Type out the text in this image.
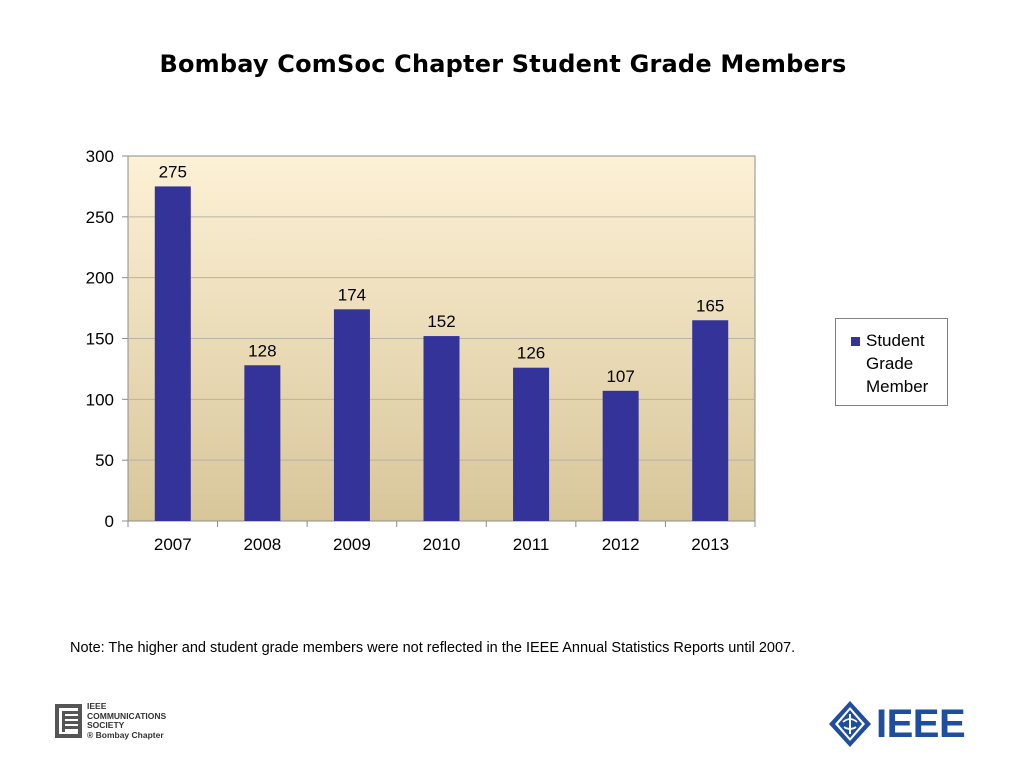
Bombay ComSoc Chapter Student Grade Members
275
128
174
152
126
107
165
0
50
100
150
200
250
300
2007	2008	2009	2010	2011	2012	2013
Student Grade Member
Note: The higher and student grade members were not reflected in the IEEE Annual Statistics Reports until 2007.
IEEE
COMMUNICATIONS
SOCIETY
® Bombay Chapter	IEEE
